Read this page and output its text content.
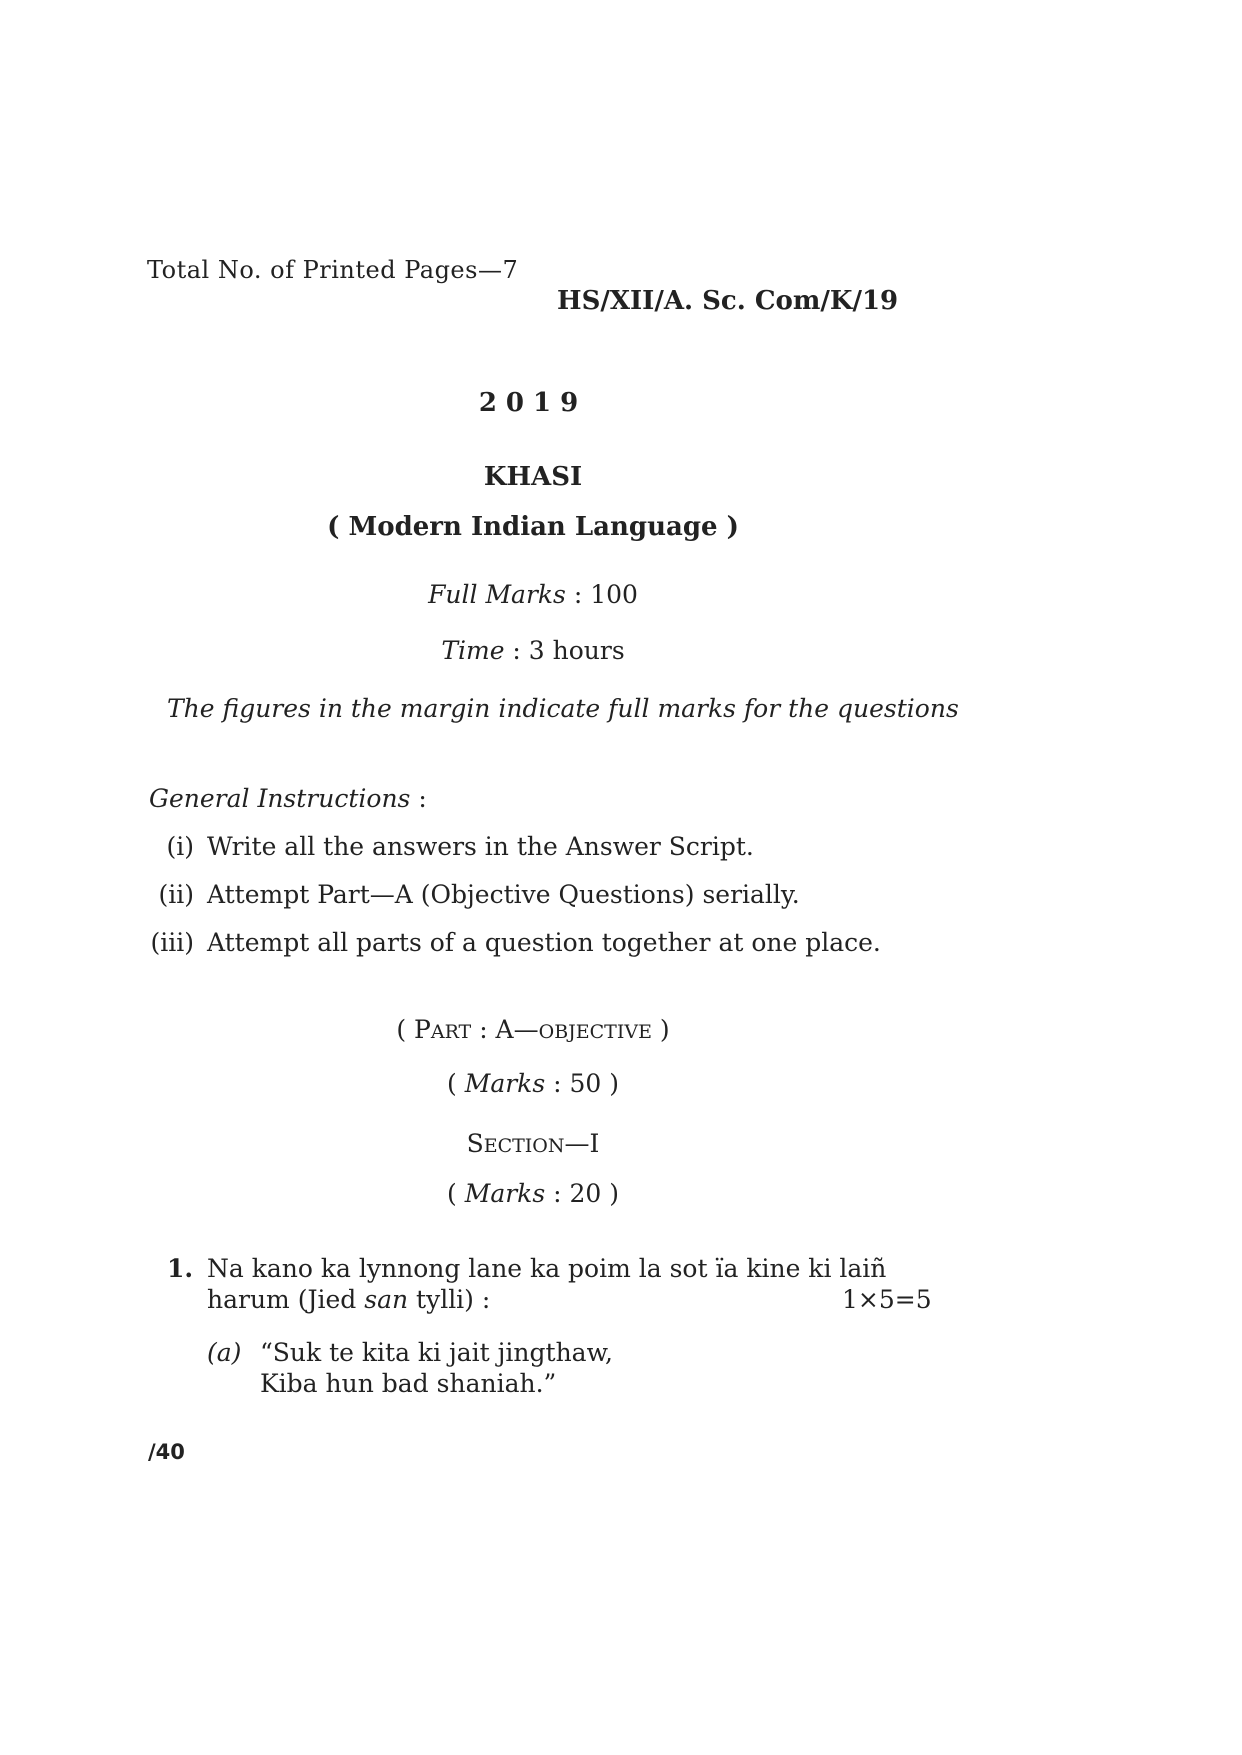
Total No. of Printed Pages—7
HS/XII/A. Sc. Com/K/19
2019
KHASI
( Modern Indian Language )
Full Marks : 100
Time : 3 hours
The figures in the margin indicate full marks for the questions
General Instructions :
(i) Write all the answers in the Answer Script.
(ii) Attempt Part—A (Objective Questions) serially.
(iii) Attempt all parts of a question together at one place.
( PART : A—OBJECTIVE )
( Marks : 50 )
SECTION—I
( Marks : 20 )
1. Na kano ka lynnong lane ka poim la sot ïa kine ki laiñ
harum (Jied san tylli) :	1×5=5
(a) “Suk te kita ki jait jingthaw,
Kiba hun bad shaniah.”
/40
